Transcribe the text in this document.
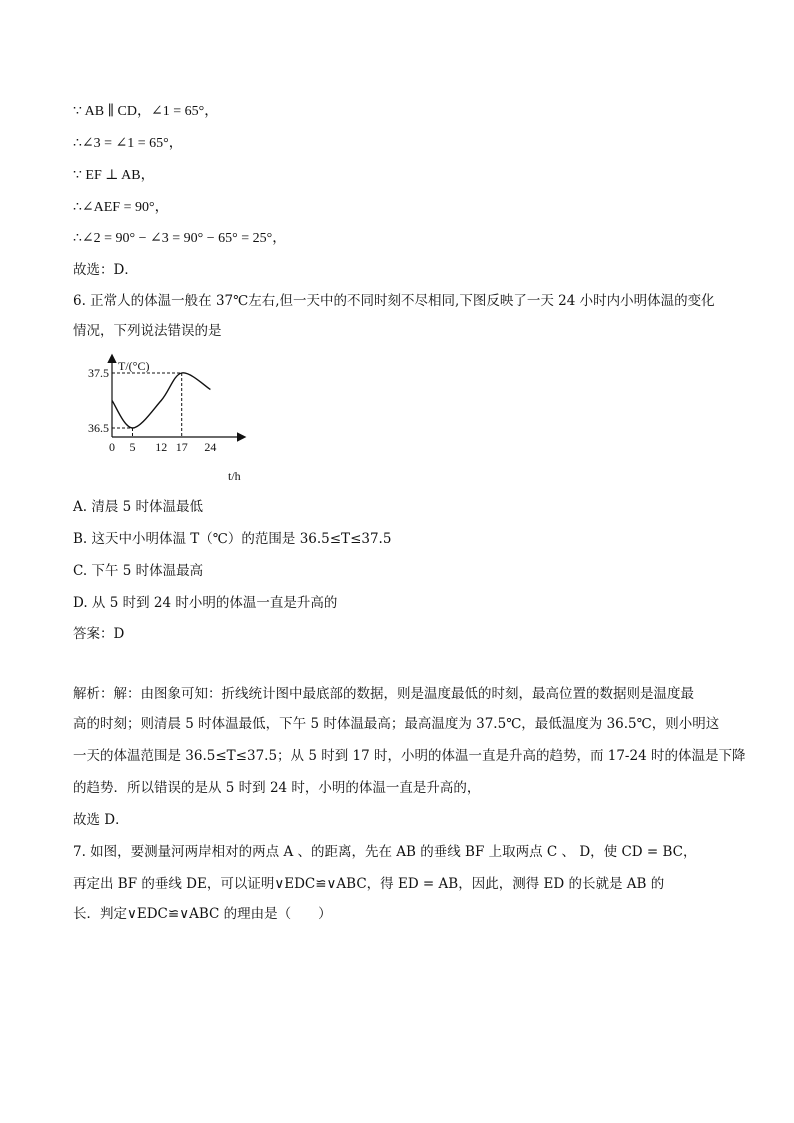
∵ AB ∥ CD，∠1 = 65°，
∴∠3 = ∠1 = 65°，
∵ EF ⊥ AB，
∴∠AEF = 90°，
∴∠2 = 90° − ∠3 = 90° − 65° = 25°，
故选：D．
6. 正常人的体温一般在 37℃左右,但一天中的不同时刻不尽相同,下图反映了一天 24 小时内小明体温的变化
情况，下列说法错误的是
T/(°C)
t/h
36.5
37.5
0 5 12 17 24
A. 清晨 5 时体温最低
B. 这天中小明体温 T（℃）的范围是 36.5≤T≤37.5
C. 下午 5 时体温最高
D. 从 5 时到 24 时小明的体温一直是升高的
答案：D
解析：解：由图象可知：折线统计图中最底部的数据，则是温度最低的时刻，最高位置的数据则是温度最
高的时刻；则清晨 5 时体温最低，下午 5 时体温最高；最高温度为 37.5℃，最低温度为 36.5℃，则小明这
一天的体温范围是 36.5≤T≤37.5；从 5 时到 17 时，小明的体温一直是升高的趋势，而 17-24 时的体温是下降
的趋势．所以错误的是从 5 时到 24 时，小明的体温一直是升高的，
故选 D．
7. 如图，要测量河两岸相对的两点 A 、的距离，先在 AB 的垂线 BF 上取两点 C 、 D，使 CD = BC，
再定出 BF 的垂线 DE，可以证明∨EDC≌∨ABC，得 ED = AB，因此，测得 ED 的长就是 AB 的
长．判定∨EDC≌∨ABC 的理由是（　　）
